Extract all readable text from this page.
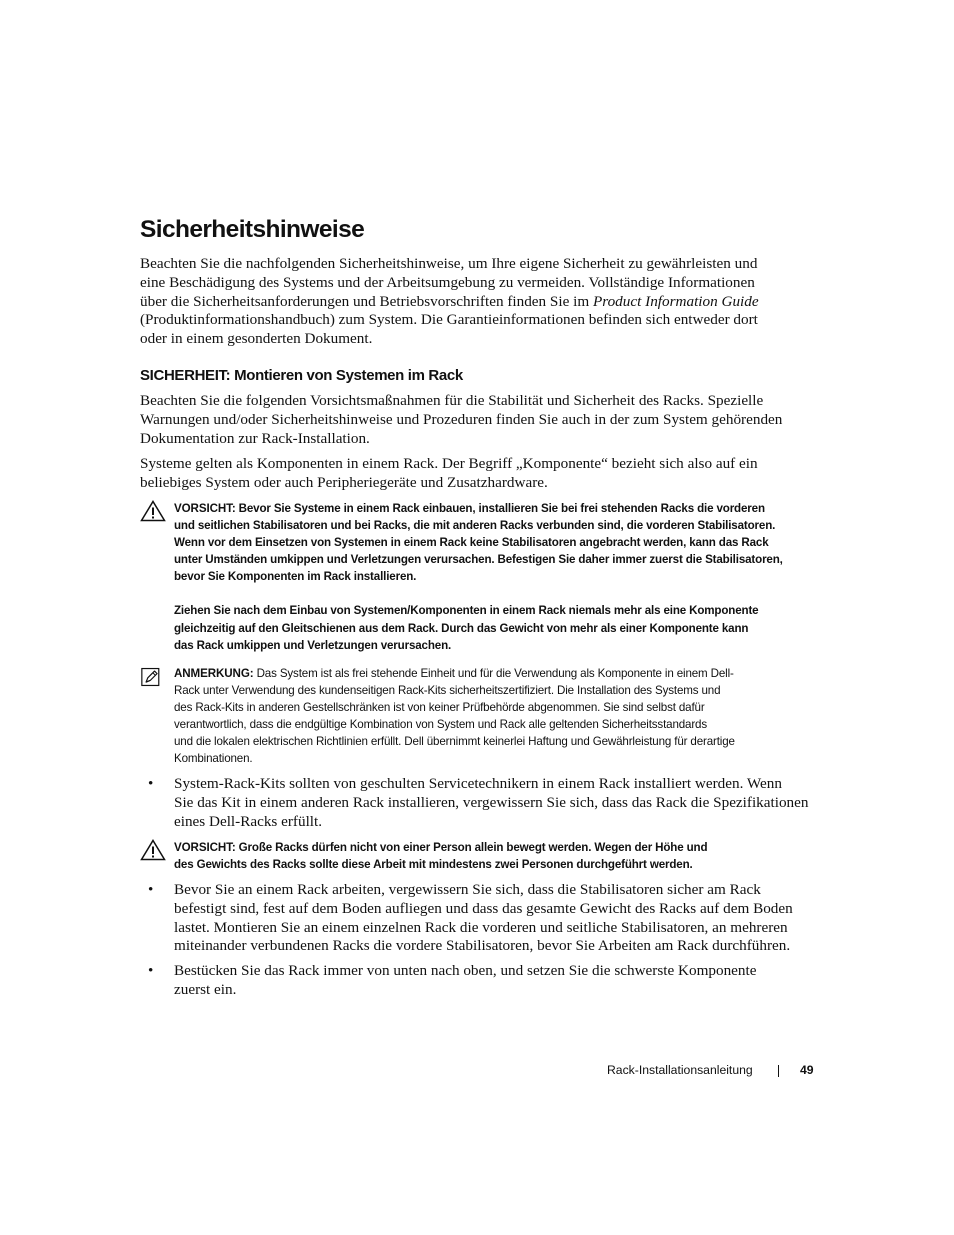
Sicherheitshinweise
Beachten Sie die nachfolgenden Sicherheitshinweise, um Ihre eigene Sicherheit zu gewährleisten und
eine Beschädigung des Systems und der Arbeitsumgebung zu vermeiden. Vollständige Informationen
über die Sicherheitsanforderungen und Betriebsvorschriften finden Sie im Product Information Guide
(Produktinformationshandbuch) zum System. Die Garantieinformationen befinden sich entweder dort
oder in einem gesonderten Dokument.
SICHERHEIT: Montieren von Systemen im Rack
Beachten Sie die folgenden Vorsichtsmaßnahmen für die Stabilität und Sicherheit des Racks. Spezielle
Warnungen und/oder Sicherheitshinweise und Prozeduren finden Sie auch in der zum System gehörenden
Dokumentation zur Rack-Installation.
Systeme gelten als Komponenten in einem Rack. Der Begriff „Komponente“ bezieht sich also auf ein
beliebiges System oder auch Peripheriegeräte und Zusatzhardware.

VORSICHT: Bevor Sie Systeme in einem Rack einbauen, installieren Sie bei frei stehenden Racks die vorderen

und seitlichen Stabilisatoren und bei Racks, die mit anderen Racks verbunden sind, die vorderen Stabilisatoren.

Wenn vor dem Einsetzen von Systemen in einem Rack keine Stabilisatoren angebracht werden, kann das Rack

unter Umständen umkippen und Verletzungen verursachen. Befestigen Sie daher immer zuerst die Stabilisatoren,

bevor Sie Komponenten im Rack installieren.

Ziehen Sie nach dem Einbau von Systemen/Komponenten in einem Rack niemals mehr als eine Komponente

gleichzeitig auf den Gleitschienen aus dem Rack. Durch das Gewicht von mehr als einer Komponente kann

das Rack umkippen und Verletzungen verursachen.

ANMERKUNG: Das System ist als frei stehende Einheit und für die Verwendung als Komponente in einem Dell-

Rack unter Verwendung des kundenseitigen Rack-Kits sicherheitszertifiziert. Die Installation des Systems und

des Rack-Kits in anderen Gestellschränken ist von keiner Prüfbehörde abgenommen. Sie sind selbst dafür

verantwortlich, dass die endgültige Kombination von System und Rack alle geltenden Sicherheitsstandards

und die lokalen elektrischen Richtlinien erfüllt. Dell übernimmt keinerlei Haftung und Gewährleistung für derartige

Kombinationen.

• System-Rack-Kits sollten von geschulten Servicetechnikern in einem Rack installiert werden. Wenn
Sie das Kit in einem anderen Rack installieren, vergewissern Sie sich, dass das Rack die Spezifikationen
eines Dell-Racks erfüllt.

VORSICHT: Große Racks dürfen nicht von einer Person allein bewegt werden. Wegen der Höhe und

des Gewichts des Racks sollte diese Arbeit mit mindestens zwei Personen durchgeführt werden.

• Bevor Sie an einem Rack arbeiten, vergewissern Sie sich, dass die Stabilisatoren sicher am Rack
befestigt sind, fest auf dem Boden aufliegen und dass das gesamte Gewicht des Racks auf dem Boden
lastet. Montieren Sie an einem einzelnen Rack die vorderen und seitliche Stabilisatoren, an mehreren
miteinander verbundenen Racks die vordere Stabilisatoren, bevor Sie Arbeiten am Rack durchführen.
• Bestücken Sie das Rack immer von unten nach oben, und setzen Sie die schwerste Komponente
zuerst ein.
Rack-Installationsanleitung	49
